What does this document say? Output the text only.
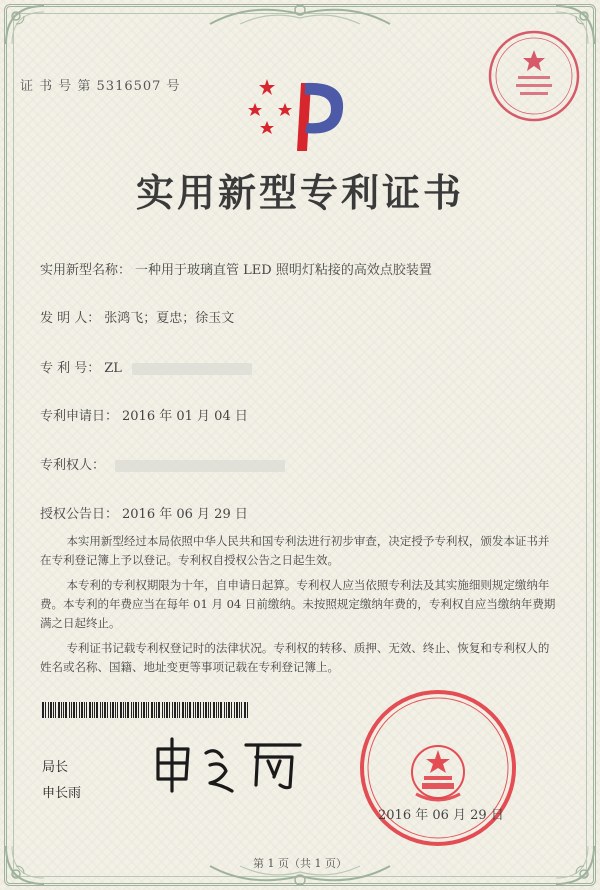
证 书 号 第 5316507 号
实用新型专利证书
实用新型名称： 一种用于玻璃直管 LED 照明灯粘接的高效点胶装置
发 明 人： 张鸿飞；夏忠；徐玉文
专 利 号： ZL
专利申请日： 2016 年 01 月 04 日
专利权人：
授权公告日： 2016 年 06 月 29 日

本实用新型经过本局依照中华人民共和国专利法进行初步审查，决定授予专利权，颁发本证书并在专利登记簿上予以登记。专利权自授权公告之日起生效。

本专利的专利权期限为十年，自申请日起算。专利权人应当依照专利法及其实施细则规定缴纳年费。本专利的年费应当在每年 01 月 04 日前缴纳。未按照规定缴纳年费的，专利权自应当缴纳年费期满之日起终止。

专利证书记载专利权登记时的法律状况。专利权的转移、质押、无效、终止、恢复和专利权人的姓名或名称、国籍、地址变更等事项记载在专利登记簿上。

局长
申长雨
2016 年 06 月 29 日
第 1 页（共 1 页）
